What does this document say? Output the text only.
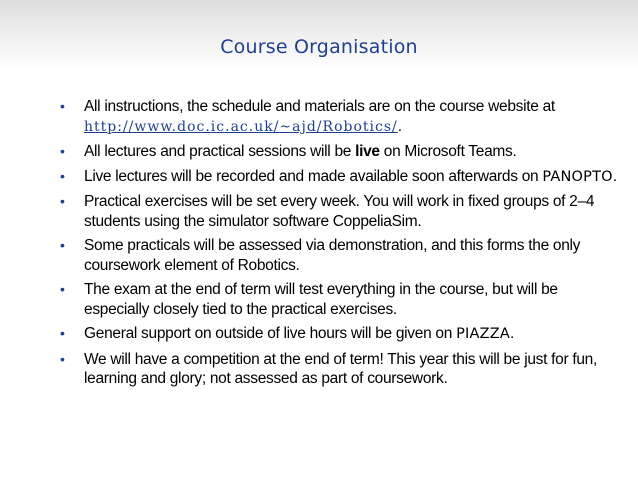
Course Organisation
• All instructions, the schedule and materials are on the course website at http://www.doc.ic.ac.uk/~ajd/Robotics/.
• All lectures and practical sessions will be live on Microsoft Teams.
• Live lectures will be recorded and made available soon afterwards on PANOPTO.
• Practical exercises will be set every week. You will work in fixed groups of 2–4 students using the simulator software CoppeliaSim.
• Some practicals will be assessed via demonstration, and this forms the only coursework element of Robotics.
• The exam at the end of term will test everything in the course, but will be especially closely tied to the practical exercises.
• General support on outside of live hours will be given on PIAZZA.
• We will have a competition at the end of term! This year this will be just for fun, learning and glory; not assessed as part of coursework.
